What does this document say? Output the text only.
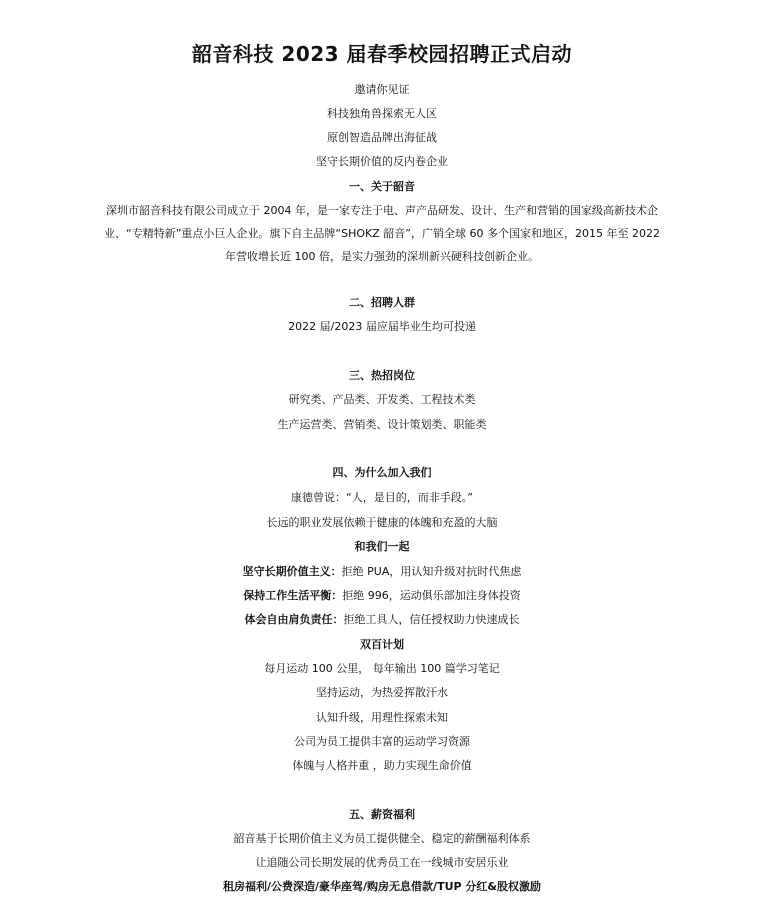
韶音科技 2023 届春季校园招聘正式启动
邀请你见证
科技独角兽探索无人区
原创智造品牌出海征战
坚守长期价值的反内卷企业
一、关于韶音
深圳市韶音科技有限公司成立于 2004 年，是一家专注于电、声产品研发、设计、生产和营销的国家级高新技术企业、“专精特新”重点小巨人企业。旗下自主品牌“SHOKZ 韶音”，广销全球 60 多个国家和地区，2015 年至 2022 年营收增长近 100 倍，是实力强劲的深圳新兴硬科技创新企业。
二、招聘人群
2022 届/2023 届应届毕业生均可投递
三、热招岗位
研究类、产品类、开发类、工程技术类
生产运营类、营销类、设计策划类、职能类
四、为什么加入我们
康德曾说：“人，是目的，而非手段。”
长远的职业发展依赖于健康的体魄和充盈的大脑
和我们一起
坚守长期价值主义：拒绝 PUA，用认知升级对抗时代焦虑
保持工作生活平衡：拒绝 996，运动俱乐部加注身体投资
体会自由肩负责任：拒绝工具人，信任授权助力快速成长
双百计划
每月运动 100 公里， 每年输出 100 篇学习笔记
坚持运动，为热爱挥散汗水
认知升级，用理性探索未知
公司为员工提供丰富的运动学习资源
体魄与人格并重 ，助力实现生命价值
五、薪资福利
韶音基于长期价值主义为员工提供健全、稳定的薪酬福利体系
让追随公司长期发展的优秀员工在一线城市安居乐业
租房福利/公费深造/豪华座驾/购房无息借款/TUP 分红&股权激励
